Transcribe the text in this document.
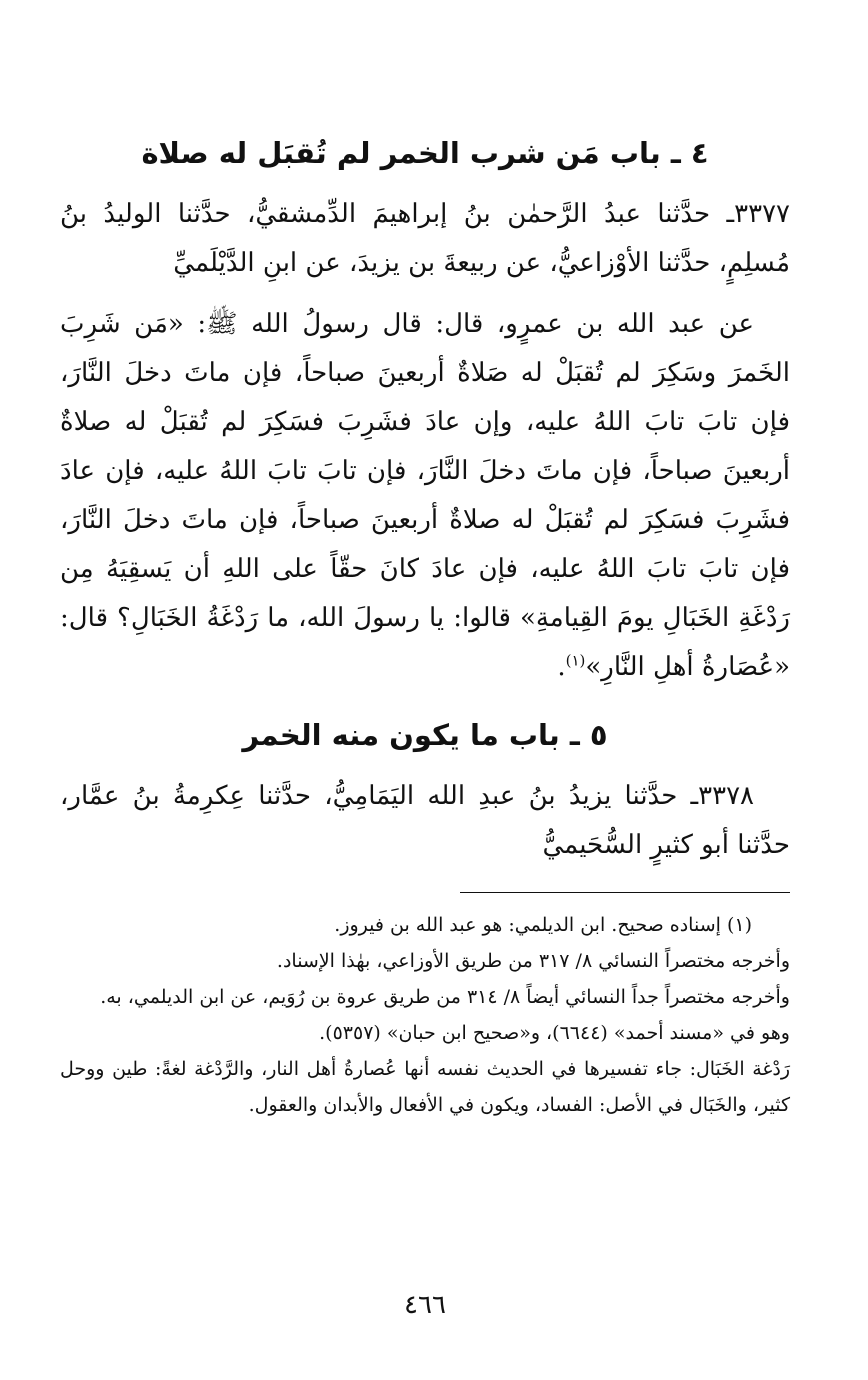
٤ ـ باب مَن شرب الخمر لم تُقبَل له صلاة

٣٣٧٧ـ حدَّثنا عبدُ الرَّحمٰن بنُ إبراهيمَ الدِّمشقيُّ، حدَّثنا الوليدُ بنُ مُسلِمٍ، حدَّثنا الأوْزاعيُّ، عن ربيعةَ بن يزيدَ، عن ابنِ الدَّيْلَميِّ

عن عبد الله بن عمرٍو، قال: قال رسولُ الله ﷺ: «مَن شَرِبَ الخَمرَ وسَكِرَ لم تُقبَلْ له صَلاةٌ أربعينَ صباحاً، فإن ماتَ دخلَ النَّارَ، فإن تابَ تابَ اللهُ عليه، وإن عادَ فشَرِبَ فسَكِرَ لم تُقبَلْ له صلاةٌ أربعينَ صباحاً، فإن ماتَ دخلَ النَّارَ، فإن تابَ تابَ اللهُ عليه، فإن عادَ فشَرِبَ فسَكِرَ لم تُقبَلْ له صلاةٌ أربعينَ صباحاً، فإن ماتَ دخلَ النَّارَ، فإن تابَ تابَ اللهُ عليه، فإن عادَ كانَ حقّاً على اللهِ أن يَسقِيَهُ مِن رَدْغَةِ الخَبَالِ يومَ القِيامةِ» قالوا: يا رسولَ الله، ما رَدْغَةُ الخَبَالِ؟ قال: «عُصَارةُ أهلِ النَّارِ»$^{(١)}$.

٥ ـ باب ما يكون منه الخمر

٣٣٧٨ـ حدَّثنا يزيدُ بنُ عبدِ الله اليَمَامِيُّ، حدَّثنا عِكرِمةُ بنُ عمَّار، حدَّثنا أبو كثيرٍ السُّحَيميُّ

(١) إسناده صحيح. ابن الديلمي: هو عبد الله بن فيروز.

وأخرجه مختصراً النسائي ٨/ ٣١٧ من طريق الأوزاعي، بهٰذا الإسناد.

وأخرجه مختصراً جداً النسائي أيضاً ٨/ ٣١٤ من طريق عروة بن رُوَيم، عن ابن الديلمي، به.

وهو في «مسند أحمد» (٦٦٤٤)، و«صحيح ابن حبان» (٥٣٥٧).

رَدْغة الخَبَال: جاء تفسيرها في الحديث نفسه أنها عُصارةُ أهل النار، والرَّدْغة لغةً: طين ووحل كثير، والخَبَال في الأصل: الفساد، ويكون في الأفعال والأبدان والعقول.

٤٦٦
